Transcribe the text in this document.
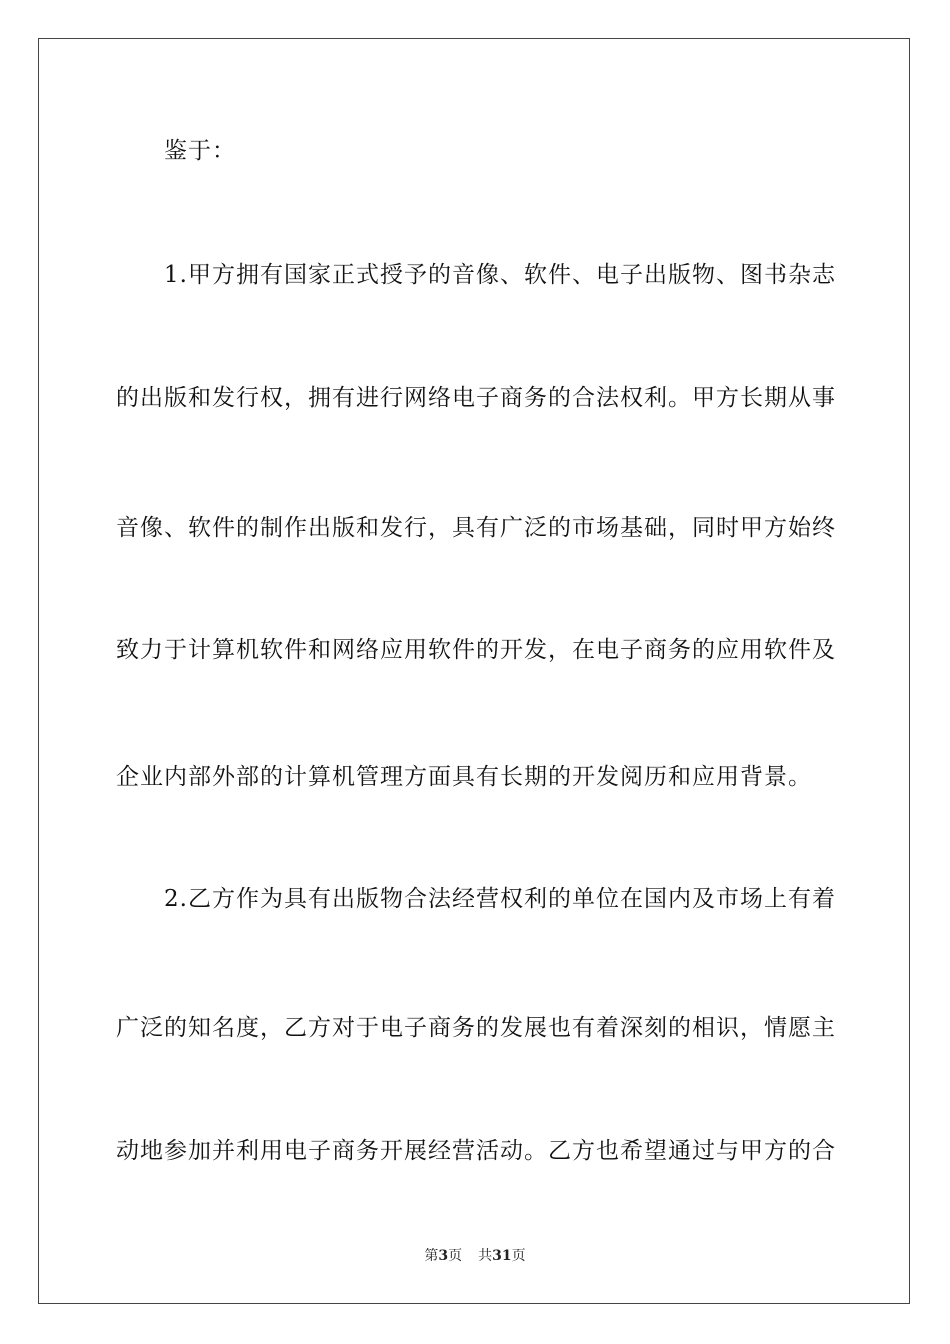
鉴于：
1.甲方拥有国家正式授予的音像、软件、电子出版物、图书杂志
的出版和发行权，拥有进行网络电子商务的合法权利。甲方长期从事
音像、软件的制作出版和发行，具有广泛的市场基础，同时甲方始终
致力于计算机软件和网络应用软件的开发，在电子商务的应用软件及
企业内部外部的计算机管理方面具有长期的开发阅历和应用背景。
2.乙方作为具有出版物合法经营权利的单位在国内及市场上有着
广泛的知名度，乙方对于电子商务的发展也有着深刻的相识，情愿主
动地参加并利用电子商务开展经营活动。乙方也希望通过与甲方的合
第3页 共31页
